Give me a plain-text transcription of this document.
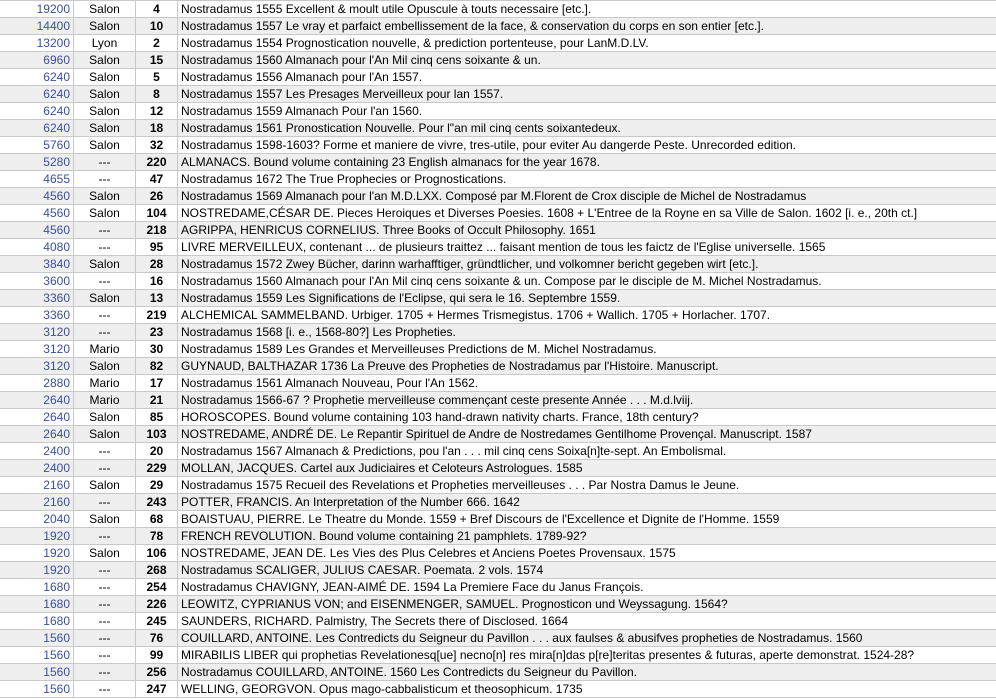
19200	Salon	4	Nostradamus 1555 Excellent & moult utile Opuscule à touts necessaire [etc.].
14400	Salon	10	Nostradamus 1557 Le vray et parfaict embellissement de la face, & conservation du corps en son entier [etc.].
13200	Lyon	2	Nostradamus 1554 Prognostication nouvelle, & prediction portenteuse, pour LanM.D.LV.
6960	Salon	15	Nostradamus 1560 Almanach pour l'An Mil cinq cens soixante & un.
6240	Salon	5	Nostradamus 1556 Almanach pour l'An 1557.
6240	Salon	8	Nostradamus 1557 Les Presages Merveilleux pour lan 1557.
6240	Salon	12	Nostradamus 1559 Almanach Pour l'an 1560.
6240	Salon	18	Nostradamus 1561 Pronostication Nouvelle. Pour l"an mil cinq cents soixantedeux.
5760	Salon	32	Nostradamus 1598-1603? Forme et maniere de vivre, tres-utile, pour eviter Au dangerde Peste. Unrecorded edition.
5280	---	220	ALMANACS. Bound volume containing 23 English almanacs for the year 1678.
4655	---	47	Nostradamus 1672 The True Prophecies or Prognostications.
4560	Salon	26	Nostradamus 1569 Almanach pour l'an M.D.LXX. Composé par M.Florent de Crox disciple de Michel de Nostradamus
4560	Salon	104	NOSTREDAME,CÉSAR DE. Pieces Heroiques et Diverses Poesies. 1608 + L'Entree de la Royne en sa Ville de Salon. 1602 [i. e., 20th ct.]
4560	---	218	AGRIPPA, HENRICUS CORNELIUS. Three Books of Occult Philosophy. 1651
4080	---	95	LIVRE MERVEILLEUX, contenant ... de plusieurs traittez ... faisant mention de tous les faictz de l'Eglise universelle. 1565
3840	Salon	28	Nostradamus 1572 Zwey Bücher, darinn warhafftiger, gründtlicher, und volkomner bericht gegeben wirt [etc.].
3600	---	16	Nostradamus 1560 Almanach pour l'An Mil cinq cens soixante & un. Compose par le disciple de M. Michel Nostradamus.
3360	Salon	13	Nostradamus 1559 Les Significations de l'Eclipse, qui sera le 16. Septembre 1559.
3360	---	219	ALCHEMICAL SAMMELBAND. Urbiger. 1705 + Hermes Trismegistus. 1706 + Wallich. 1705 + Horlacher. 1707.
3120	---	23	Nostradamus 1568 [i. e., 1568-80?] Les Propheties.
3120	Mario	30	Nostradamus 1589 Les Grandes et Merveilleuses Predictions de M. Michel Nostradamus.
3120	Salon	82	GUYNAUD, BALTHAZAR 1736 La Preuve des Propheties de Nostradamus par l'Histoire. Manuscript.
2880	Mario	17	Nostradamus 1561 Almanach Nouveau, Pour l'An 1562.
2640	Mario	21	Nostradamus 1566-67 ? Prophetie merveilleuse commençant ceste presente Année . . . M.d.lviij.
2640	Salon	85	HOROSCOPES. Bound volume containing 103 hand-drawn nativity charts. France, 18th century?
2640	Salon	103	NOSTREDAME, ANDRÉ DE. Le Repantir Spirituel de Andre de Nostredames Gentilhome Provençal. Manuscript. 1587
2400	---	20	Nostradamus 1567 Almanach & Predictions, pou l'an . . . mil cinq cens Soixa[n]te-sept. An Embolismal.
2400	---	229	MOLLAN, JACQUES. Cartel aux Judiciaires et Celoteurs Astrologues. 1585
2160	Salon	29	Nostradamus 1575 Recueil des Revelations et Propheties merveilleuses . . . Par Nostra Damus le Jeune.
2160	---	243	POTTER, FRANCIS. An Interpretation of the Number 666. 1642
2040	Salon	68	BOAISTUAU, PIERRE. Le Theatre du Monde. 1559 + Bref Discours de l'Excellence et Dignite de l'Homme. 1559
1920	---	78	FRENCH REVOLUTION. Bound volume containing 21 pamphlets. 1789-92?
1920	Salon	106	NOSTREDAME, JEAN DE. Les Vies des Plus Celebres et Anciens Poetes Provensaux. 1575
1920	---	268	Nostradamus SCALIGER, JULIUS CAESAR. Poemata. 2 vols. 1574
1680	---	254	Nostradamus CHAVIGNY, JEAN-AIMÉ DE. 1594 La Premiere Face du Janus François.
1680	---	226	LEOWITZ, CYPRIANUS VON; and EISENMENGER, SAMUEL. Prognosticon und Weyssagung. 1564?
1680	---	245	SAUNDERS, RICHARD. Palmistry, The Secrets there of Disclosed. 1664
1560	---	76	COUILLARD, ANTOINE. Les Contredicts du Seigneur du Pavillon . . . aux faulses & abusifves propheties de Nostradamus. 1560
1560	---	99	MIRABILIS LIBER qui prophetias Revelationesq[ue] necno[n] res mira[n]das p[re]teritas presentes & futuras, aperte demonstrat. 1524-28?
1560	---	256	Nostradamus COUILLARD, ANTOINE. 1560 Les Contredicts du Seigneur du Pavillon.
1560	---	247	WELLING, GEORGVON. Opus mago-cabbalisticum et theosophicum. 1735
